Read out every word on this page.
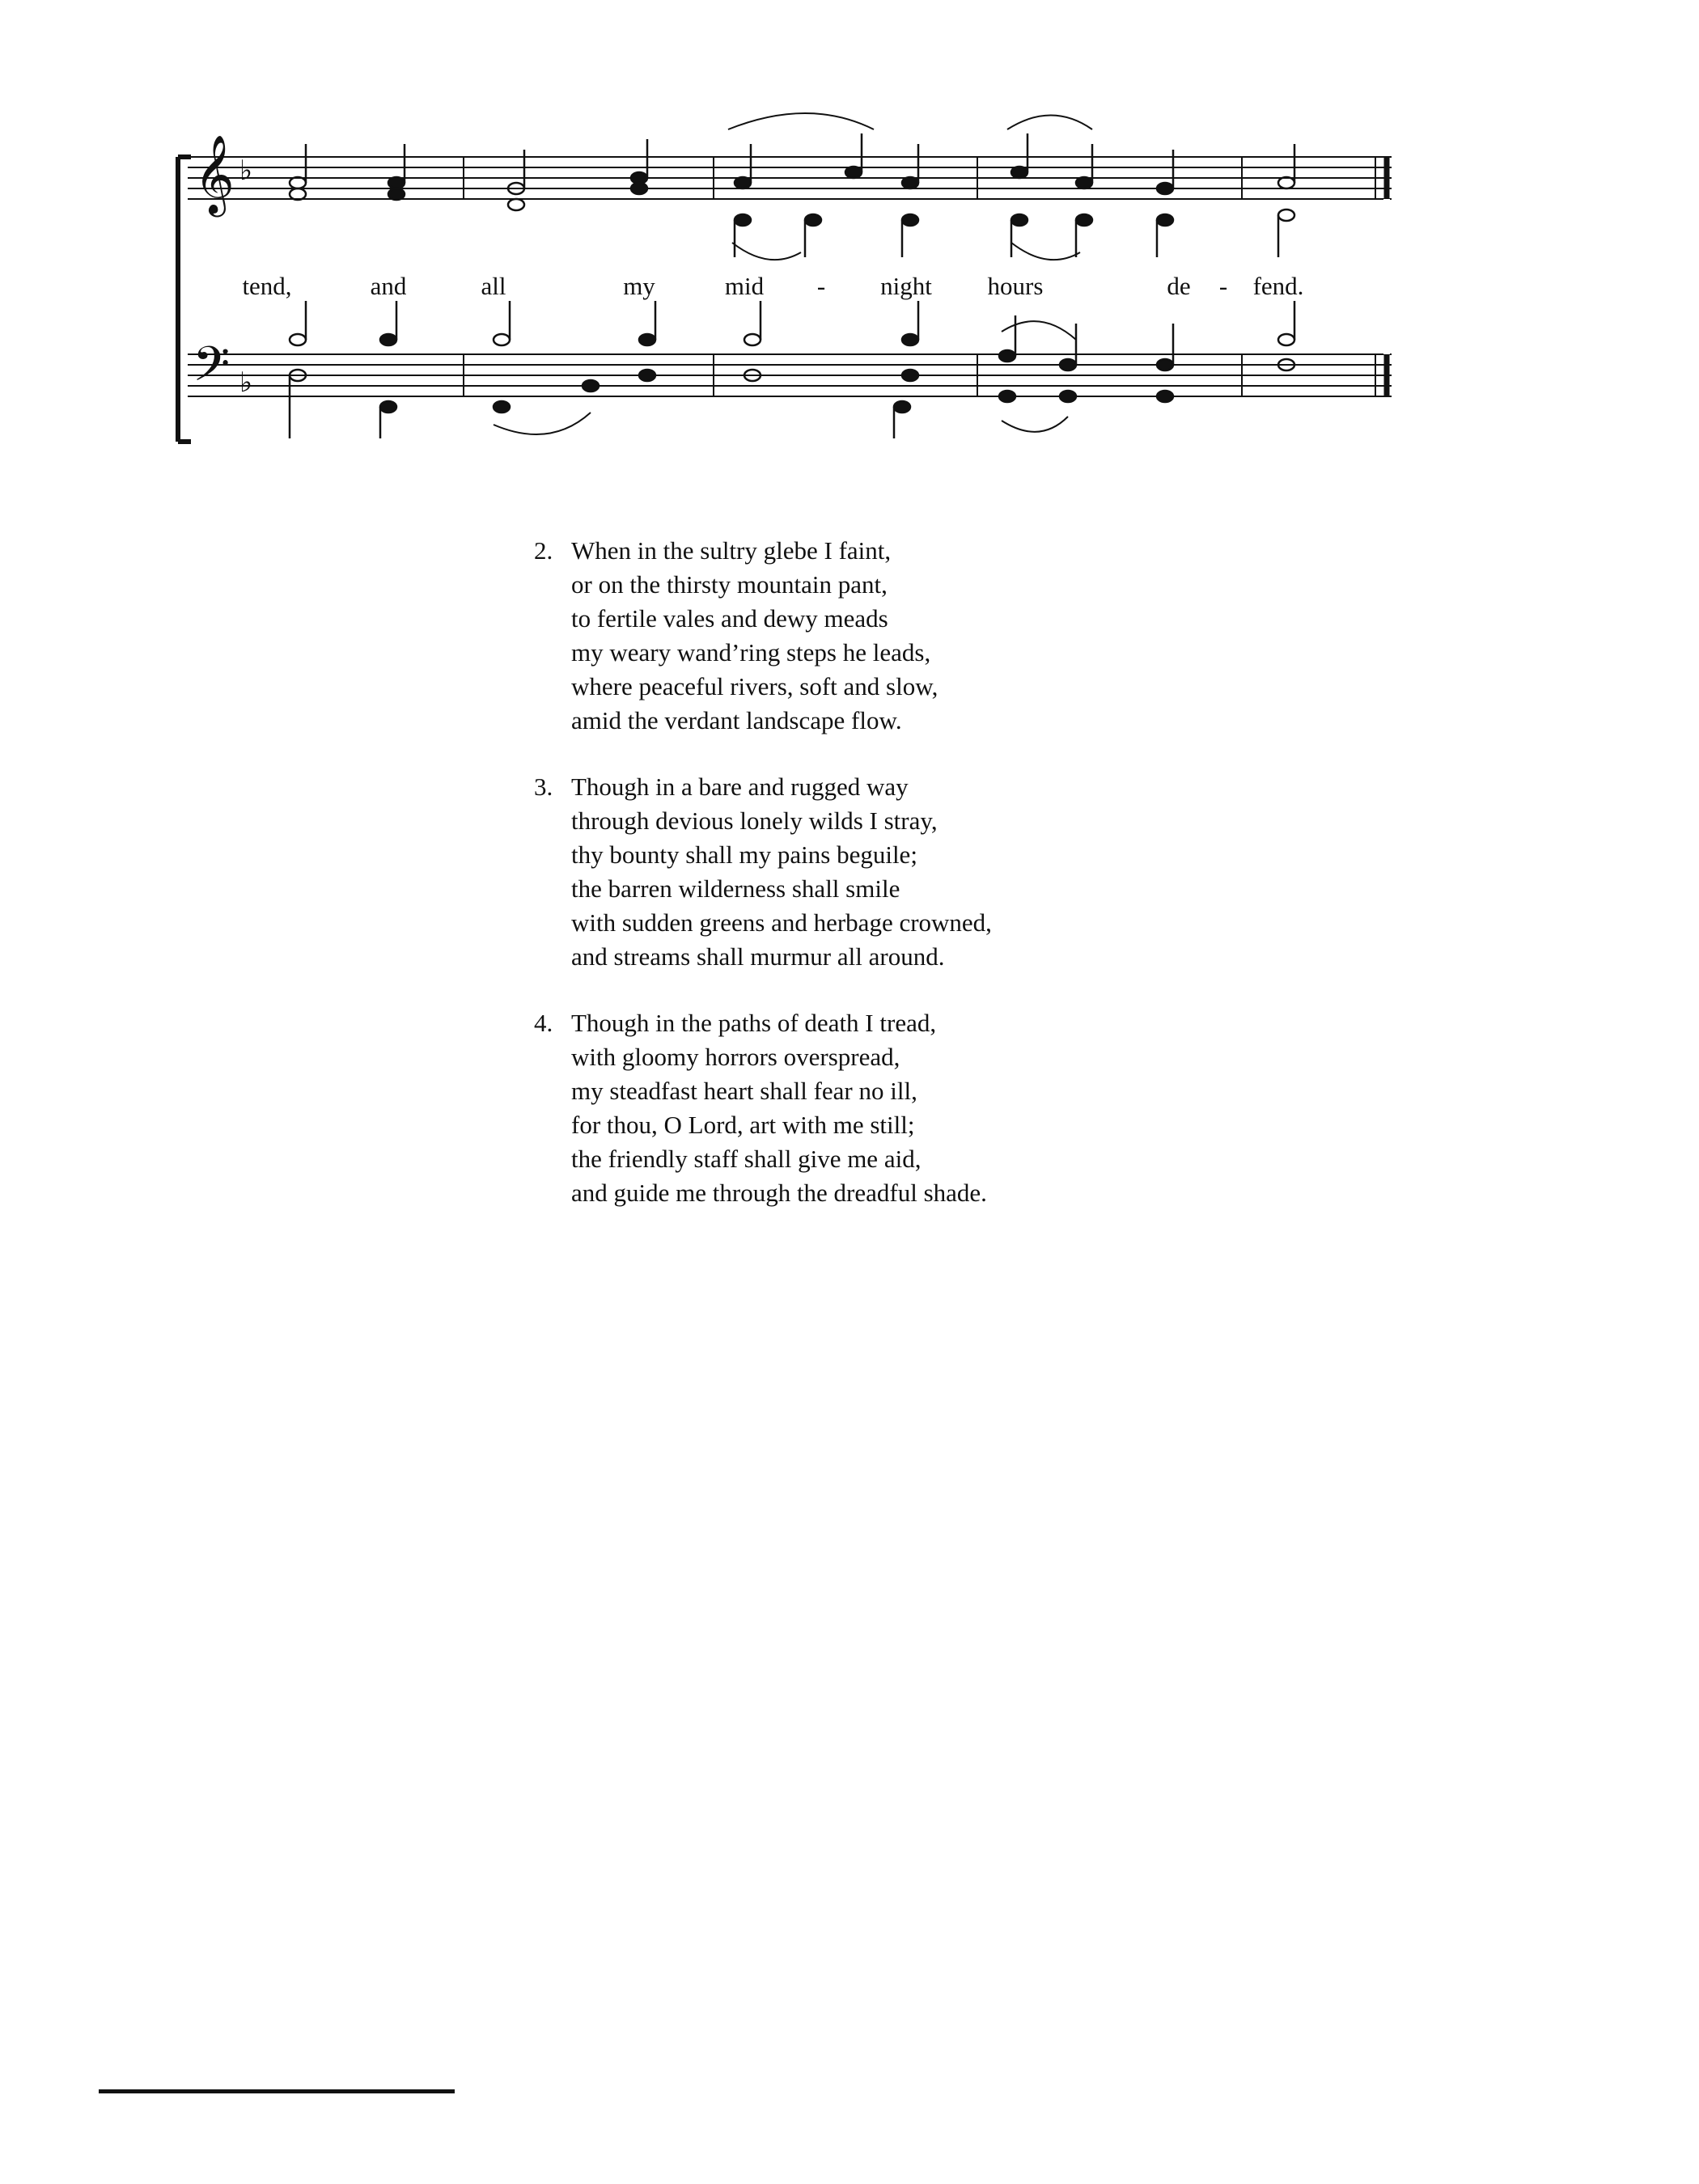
𝄞
𝄢
♭
♭
tend,	and	all	my	mid - night hours	de - fend.
2. When in the sultry glebe I faint,
or on the thirsty mountain pant,
to fertile vales and dewy meads
my weary wand’ring steps he leads,
where peaceful rivers, soft and slow,
amid the verdant landscape flow.
3. Though in a bare and rugged way
through devious lonely wilds I stray,
thy bounty shall my pains beguile;
the barren wilderness shall smile
with sudden greens and herbage crowned,
and streams shall murmur all around.
4. Though in the paths of death I tread,
with gloomy horrors overspread,
my steadfast heart shall fear no ill,
for thou, O Lord, art with me still;
the friendly staff shall give me aid,
and guide me through the dreadful shade.
